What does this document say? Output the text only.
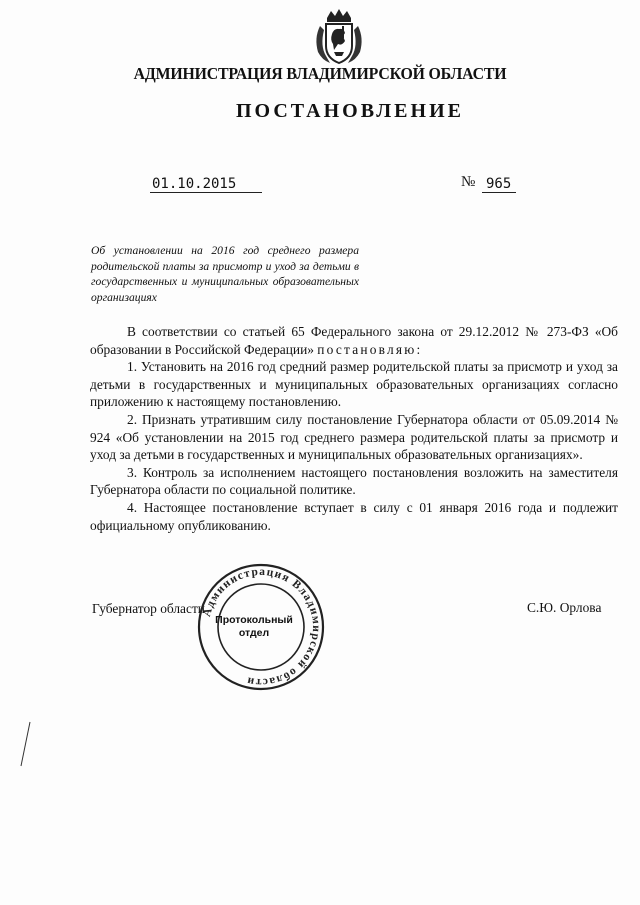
АДМИНИСТРАЦИЯ ВЛАДИМИРСКОЙ ОБЛАСТИ
ПОСТАНОВЛЕНИЕ
01.10.2015	№ 965
Об установлении на 2016 год среднего размера родительской платы за присмотр и уход за детьми в государственных и муниципальных образовательных организациях

В соответствии со статьей 65 Федерального закона от 29.12.2012 № 273-ФЗ «Об образовании в Российской Федерации» постановляю:

1. Установить на 2016 год средний размер родительской платы за присмотр и уход за детьми в государственных и муниципальных образовательных организациях согласно приложению к настоящему постановлению.

2. Признать утратившим силу постановление Губернатора области от 05.09.2014 № 924 «Об установлении на 2015 год среднего размера родительской платы за присмотр и уход за детьми в государственных и муниципальных образовательных организациях».

3. Контроль за исполнением настоящего постановления возложить на заместителя Губернатора области по социальной политике.

4. Настоящее постановление вступает в силу с 01 января 2016 года и подлежит официальному опубликованию.

Губернатор области	С.Ю. Орлова
Администрация Владимирской области
Протокольный
отдел
